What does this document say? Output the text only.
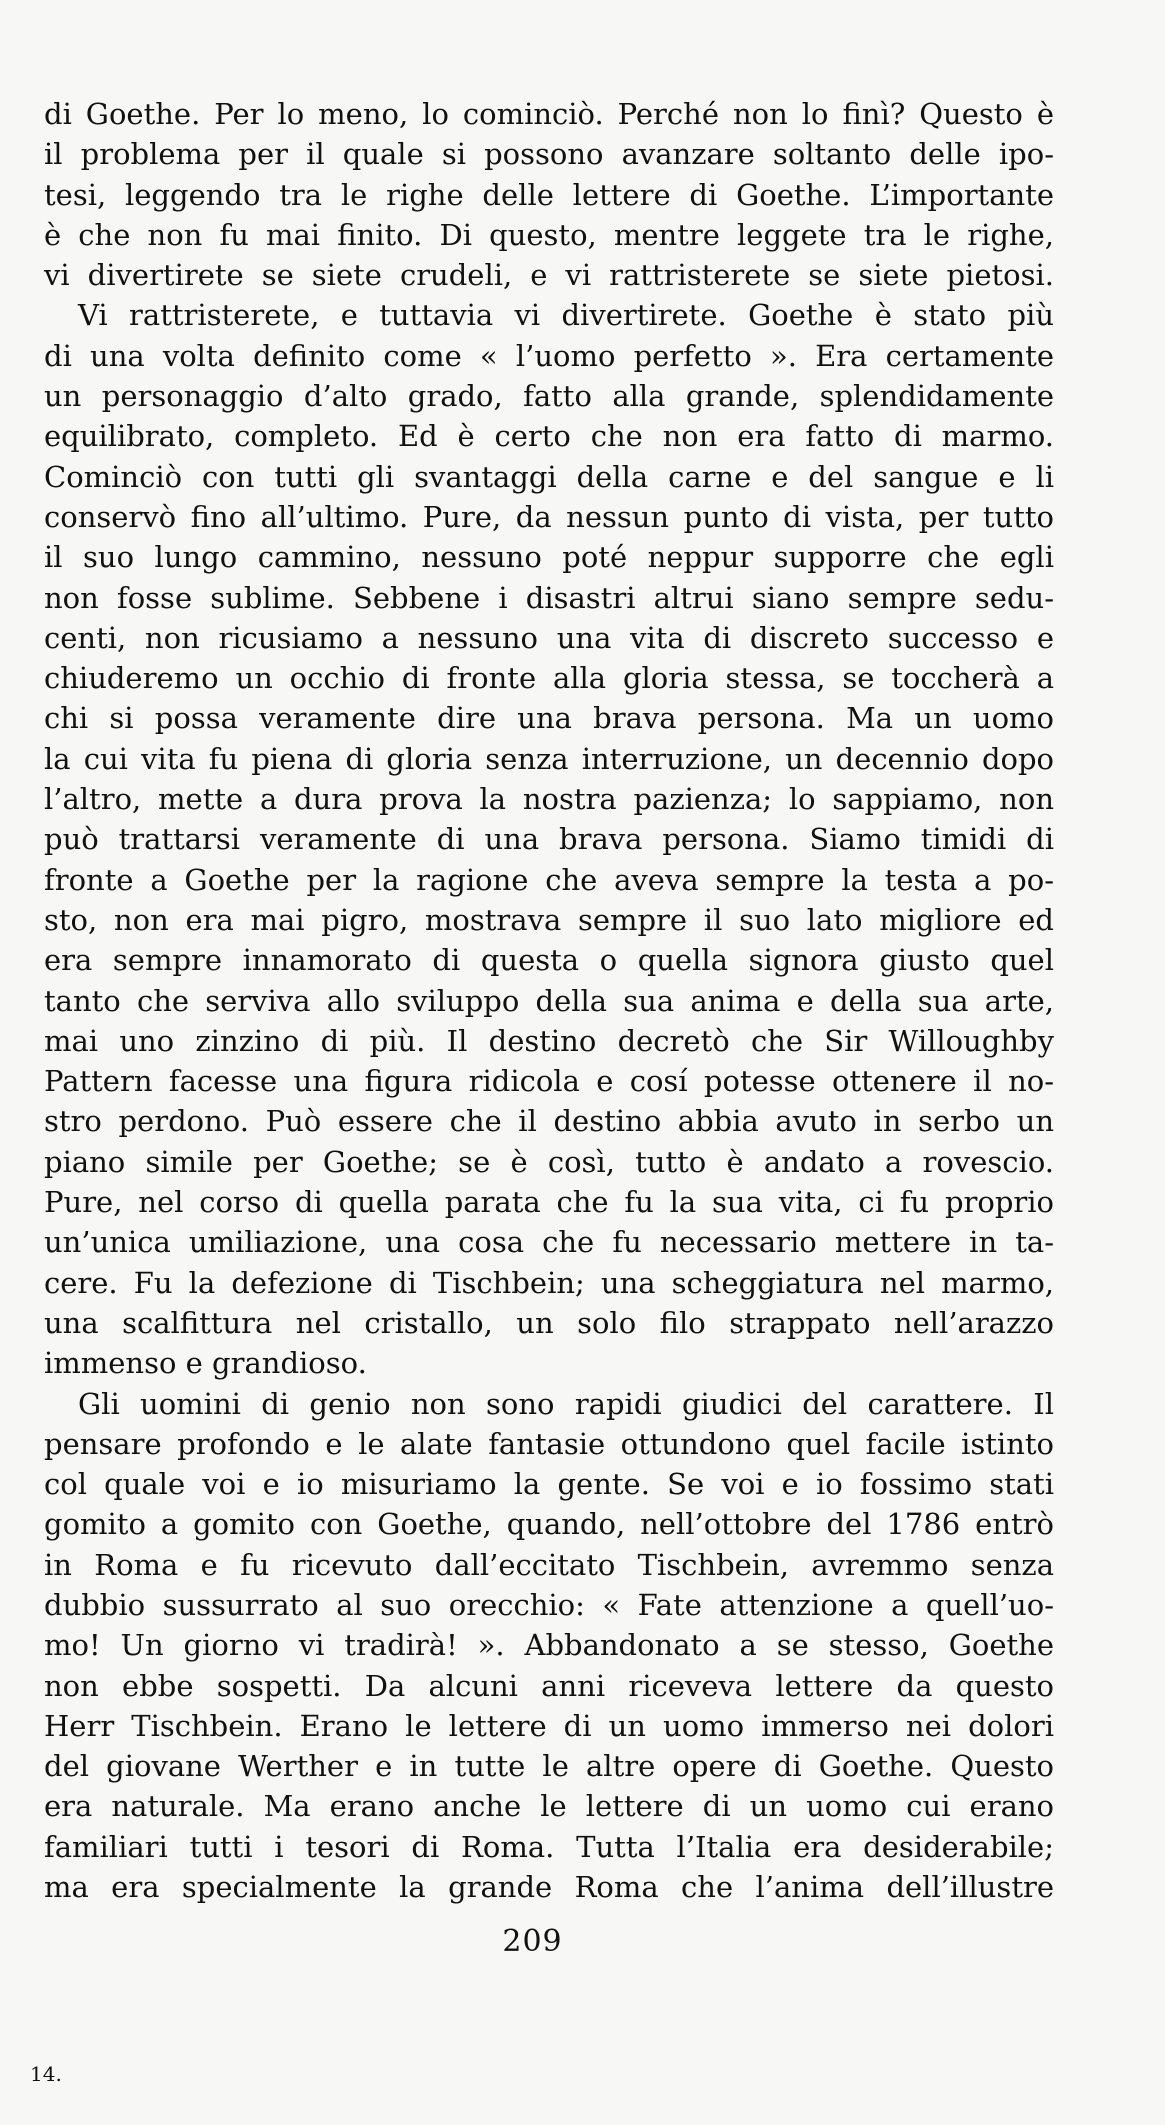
di Goethe. Per lo meno, lo cominciò. Perché non lo finì? Questo è
il problema per il quale si possono avanzare soltanto delle ipo-
tesi, leggendo tra le righe delle lettere di Goethe. L’importante
è che non fu mai finito. Di questo, mentre leggete tra le righe,
vi divertirete se siete crudeli, e vi rattristerete se siete pietosi.
Vi rattristerete, e tuttavia vi divertirete. Goethe è stato più
di una volta definito come « l’uomo perfetto ». Era certamente
un personaggio d’alto grado, fatto alla grande, splendidamente
equilibrato, completo. Ed è certo che non era fatto di marmo.
Cominciò con tutti gli svantaggi della carne e del sangue e li
conservò fino all’ultimo. Pure, da nessun punto di vista, per tutto
il suo lungo cammino, nessuno poté neppur supporre che egli
non fosse sublime. Sebbene i disastri altrui siano sempre sedu-
centi, non ricusiamo a nessuno una vita di discreto successo e
chiuderemo un occhio di fronte alla gloria stessa, se toccherà a
chi si possa veramente dire una brava persona. Ma un uomo
la cui vita fu piena di gloria senza interruzione, un decennio dopo
l’altro, mette a dura prova la nostra pazienza; lo sappiamo, non
può trattarsi veramente di una brava persona. Siamo timidi di
fronte a Goethe per la ragione che aveva sempre la testa a po-
sto, non era mai pigro, mostrava sempre il suo lato migliore ed
era sempre innamorato di questa o quella signora giusto quel
tanto che serviva allo sviluppo della sua anima e della sua arte,
mai uno zinzino di più. Il destino decretò che Sir Willoughby
Pattern facesse una figura ridicola e cosí potesse ottenere il no-
stro perdono. Può essere che il destino abbia avuto in serbo un
piano simile per Goethe; se è così, tutto è andato a rovescio.
Pure, nel corso di quella parata che fu la sua vita, ci fu proprio
un’unica umiliazione, una cosa che fu necessario mettere in ta-
cere. Fu la defezione di Tischbein; una scheggiatura nel marmo,
una scalfittura nel cristallo, un solo filo strappato nell’arazzo
immenso e grandioso.
Gli uomini di genio non sono rapidi giudici del carattere. Il
pensare profondo e le alate fantasie ottundono quel facile istinto
col quale voi e io misuriamo la gente. Se voi e io fossimo stati
gomito a gomito con Goethe, quando, nell’ottobre del 1786 entrò
in Roma e fu ricevuto dall’eccitato Tischbein, avremmo senza
dubbio sussurrato al suo orecchio: « Fate attenzione a quell’uo-
mo! Un giorno vi tradirà! ». Abbandonato a se stesso, Goethe
non ebbe sospetti. Da alcuni anni riceveva lettere da questo
Herr Tischbein. Erano le lettere di un uomo immerso nei dolori
del giovane Werther e in tutte le altre opere di Goethe. Questo
era naturale. Ma erano anche le lettere di un uomo cui erano
familiari tutti i tesori di Roma. Tutta l’Italia era desiderabile;
ma era specialmente la grande Roma che l’anima dell’illustre
209
14.
